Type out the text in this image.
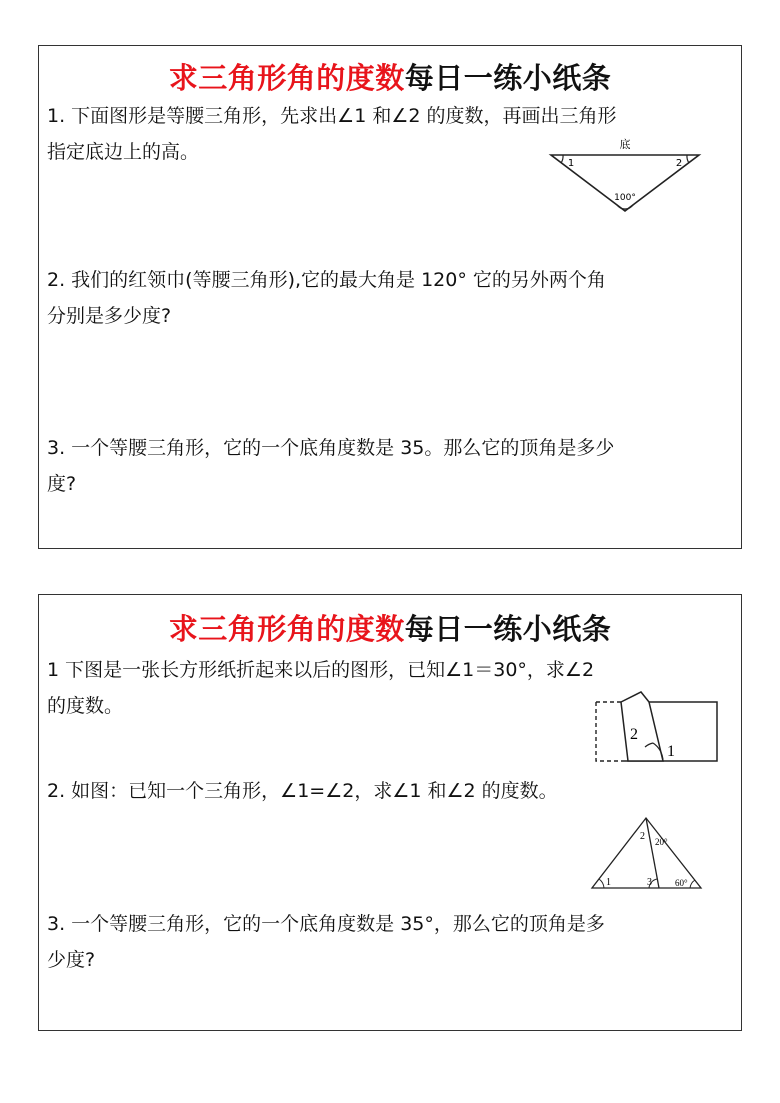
求三角形角的度数每日一练小纸条
1. 下面图形是等腰三角形，先求出∠1 和∠2 的度数，再画出三角形
指定底边上的高。	底
1	2
100°
2. 我们的红领巾(等腰三角形),它的最大角是 120° 它的另外两个角
分别是多少度?
3. 一个等腰三角形，它的一个底角度数是 35。那么它的顶角是多少
度?
求三角形角的度数每日一练小纸条
1 下图是一张长方形纸折起来以后的图形，已知∠1＝30°，求∠2
的度数。
1
2
2. 如图：已知一个三角形，∠1=∠2，求∠1 和∠2 的度数。
1
2
3
20°
60°
3. 一个等腰三角形，它的一个底角度数是 35°，那么它的顶角是多
少度?
